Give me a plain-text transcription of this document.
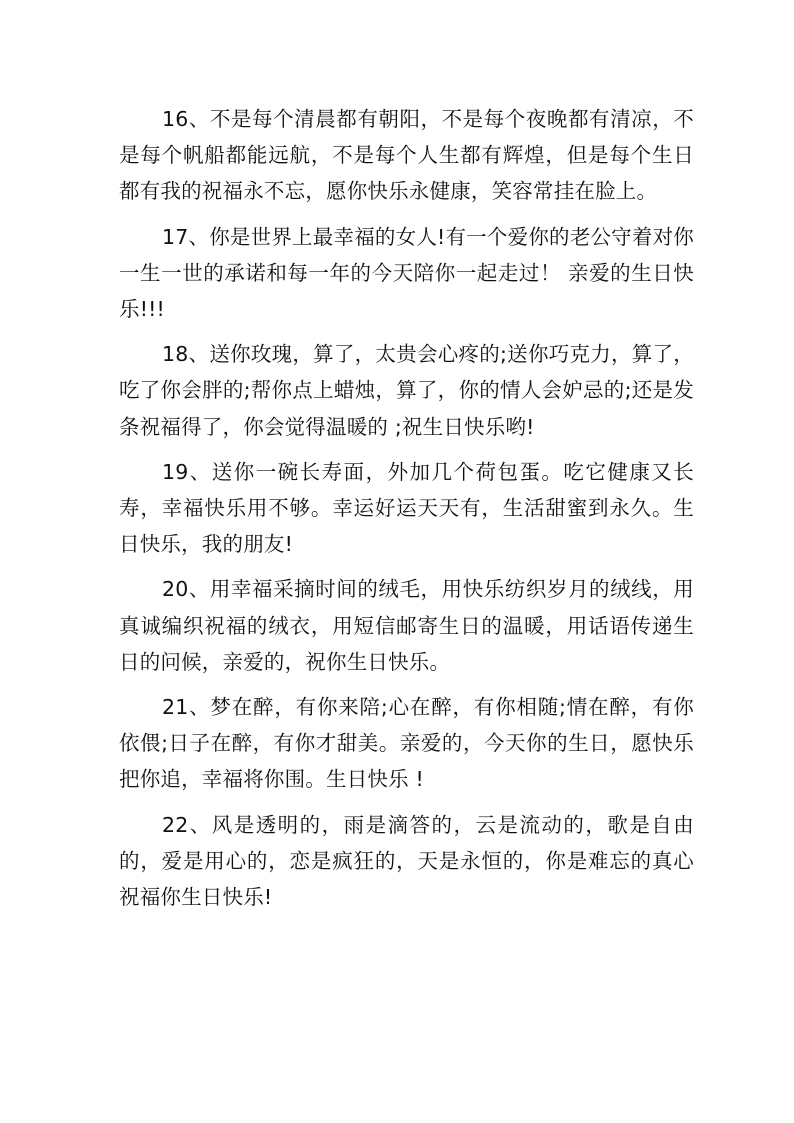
16、不是每个清晨都有朝阳，不是每个夜晚都有清凉，不是每个帆船都能远航，不是每个人生都有辉煌，但是每个生日都有我的祝福永不忘，愿你快乐永健康，笑容常挂在脸上。

17、你是世界上最幸福的女人!有一个爱你的老公守着对你一生一世的承诺和每一年的今天陪你一起走过！ 亲爱的生日快乐!!!

18、送你玫瑰，算了，太贵会心疼的;送你巧克力，算了，吃了你会胖的;帮你点上蜡烛，算了，你的情人会妒忌的;还是发条祝福得了，你会觉得温暖的 ;祝生日快乐哟!

19、送你一碗长寿面，外加几个荷包蛋。吃它健康又长寿，幸福快乐用不够。幸运好运天天有，生活甜蜜到永久。生日快乐，我的朋友!

20、用幸福采摘时间的绒毛，用快乐纺织岁月的绒线，用真诚编织祝福的绒衣，用短信邮寄生日的温暖，用话语传递生日的问候，亲爱的，祝你生日快乐。

21、梦在醉，有你来陪;心在醉，有你相随;情在醉，有你依偎;日子在醉，有你才甜美。亲爱的，今天你的生日，愿快乐把你追，幸福将你围。生日快乐 !

22、风是透明的，雨是滴答的，云是流动的，歌是自由的，爱是用心的，恋是疯狂的，天是永恒的，你是难忘的真心祝福你生日快乐!
